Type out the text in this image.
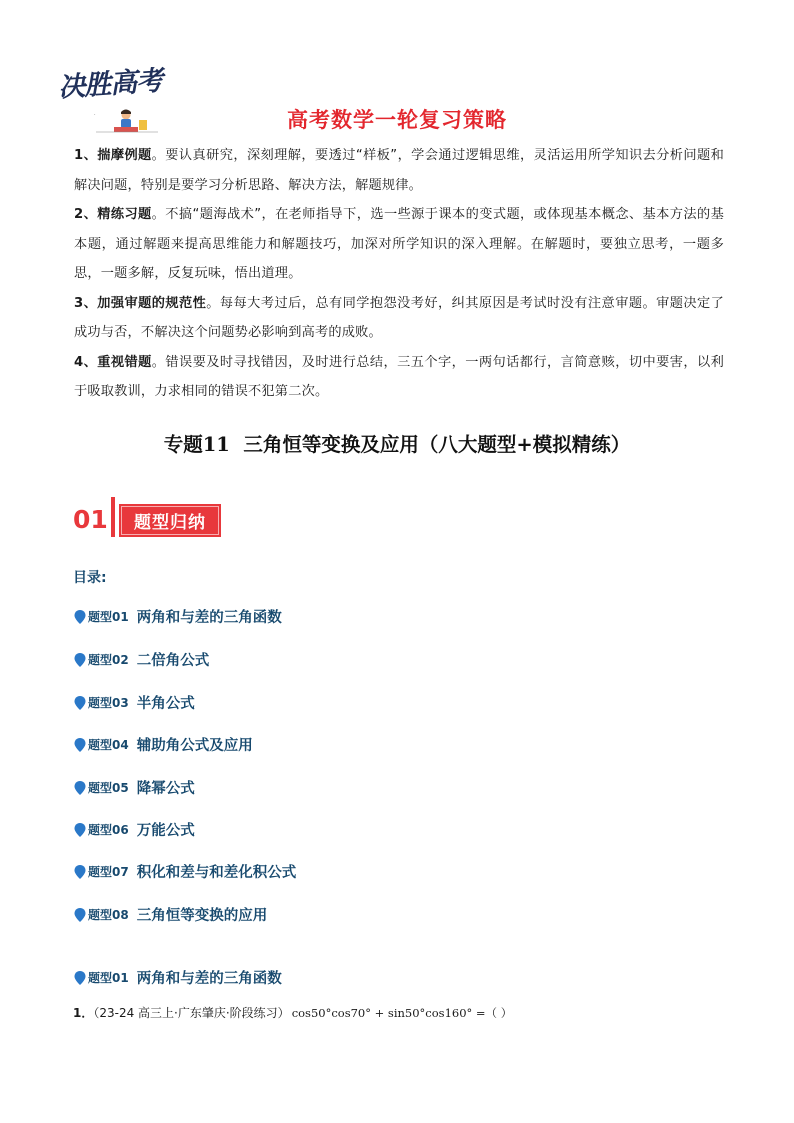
决胜高考
·	高考数学一轮复习策略

1、揣摩例题。要认真研究，深刻理解，要透过“样板”，学会通过逻辑思维，灵活运用所学知识去分析问题和解决问题，特别是要学习分析思路、解决方法，解题规律。

2、精练习题。不搞“题海战术”，在老师指导下，选一些源于课本的变式题，或体现基本概念、基本方法的基本题，通过解题来提高思维能力和解题技巧，加深对所学知识的深入理解。在解题时，要独立思考，一题多思，一题多解，反复玩味，悟出道理。

3、加强审题的规范性。每每大考过后，总有同学抱怨没考好，纠其原因是考试时没有注意审题。审题决定了成功与否，不解决这个问题势必影响到高考的成败。

4、重视错题。错误要及时寻找错因，及时进行总结，三五个字，一两句话都行，言简意赅，切中要害，以利于吸取教训，力求相同的错误不犯第二次。

专题11  三角恒等变换及应用（八大题型+模拟精练）
01	题型归纳
目录:
题型01 两角和与差的三角函数
题型02 二倍角公式
题型03 半角公式
题型04 辅助角公式及应用
题型05 降幂公式
题型06 万能公式
题型07 积化和差与和差化积公式
题型08 三角恒等变换的应用
题型01 两角和与差的三角函数
1．（23-24 高三上·广东肇庆·阶段练习） cos50°cos70° + sin50°cos160° =（ ）
